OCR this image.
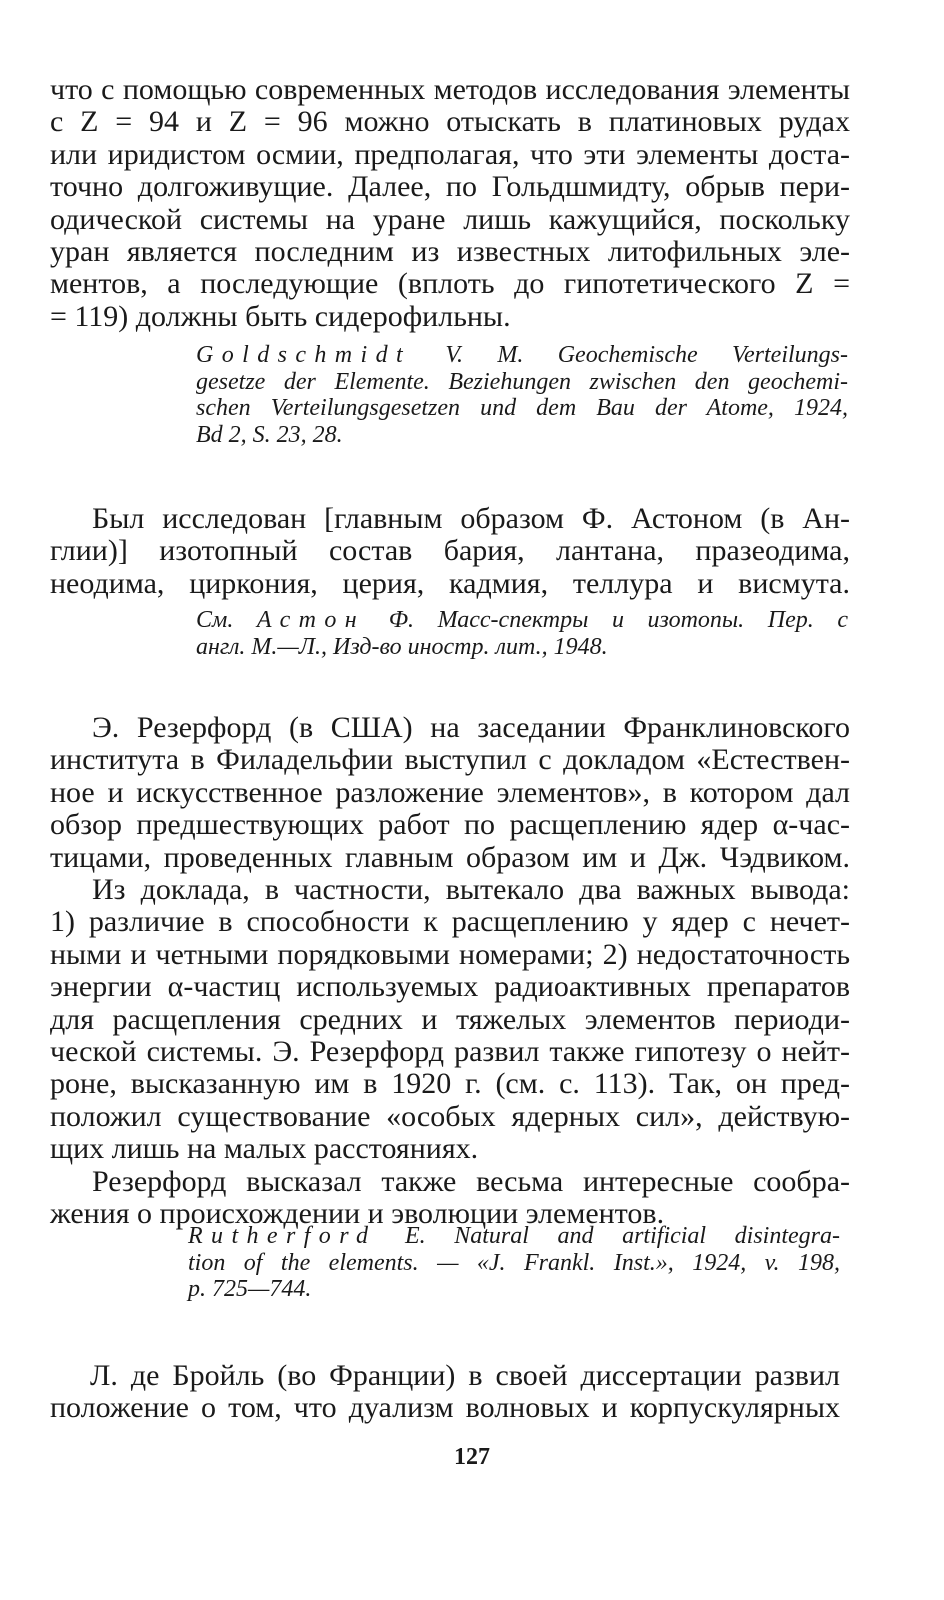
что с помощью современных методов исследования элементы
с Z = 94 и Z = 96 можно отыскать в платиновых рудах
или иридистом осмии, предполагая, что эти элементы доста-
точно долгоживущие. Далее, по Гольдшмидту, обрыв пери-
одической системы на уране лишь кажущийся, поскольку
уран является последним из известных литофильных эле-
ментов, а последующие (вплоть до гипотетического Z =
= 119) должны быть сидерофильны.
Goldschmidt V. M. Geochemische Verteilungs-
gesetze der Elemente. Beziehungen zwischen den geochemi-
schen Verteilungsgesetzen und dem Bau der Atome, 1924,
Bd 2, S. 23, 28.
Был исследован [главным образом Ф. Астоном (в Ан-
глии)] изотопный состав бария, лантана, празеодима,
неодима, циркония, церия, кадмия, теллура и висмута.
См. Астон Ф. Масс-спектры и изотопы. Пер. с
англ. М.—Л., Изд-во иностр. лит., 1948.
Э. Резерфорд (в США) на заседании Франклиновского
института в Филадельфии выступил с докладом «Естествен-
ное и искусственное разложение элементов», в котором дал
обзор предшествующих работ по расщеплению ядер α-час-
тицами, проведенных главным образом им и Дж. Чэдвиком.
Из доклада, в частности, вытекало два важных вывода:
1) различие в способности к расщеплению у ядер с нечет-
ными и четными порядковыми номерами; 2) недостаточность
энергии α-частиц используемых радиоактивных препаратов
для расщепления средних и тяжелых элементов периоди-
ческой системы. Э. Резерфорд развил также гипотезу о нейт-
роне, высказанную им в 1920 г. (см. с. 113). Так, он пред-
положил существование «особых ядерных сил», действую-
щих лишь на малых расстояниях.
Резерфорд высказал также весьма интересные сообра-
жения о происхождении и эволюции элементов.
Rutherford E. Natural and artificial disintegra-
tion of the elements. — «J. Frankl. Inst.», 1924, v. 198,
p. 725—744.
Л. де Бройль (во Франции) в своей диссертации развил
положение о том, что дуализм волновых и корпускулярных
127
